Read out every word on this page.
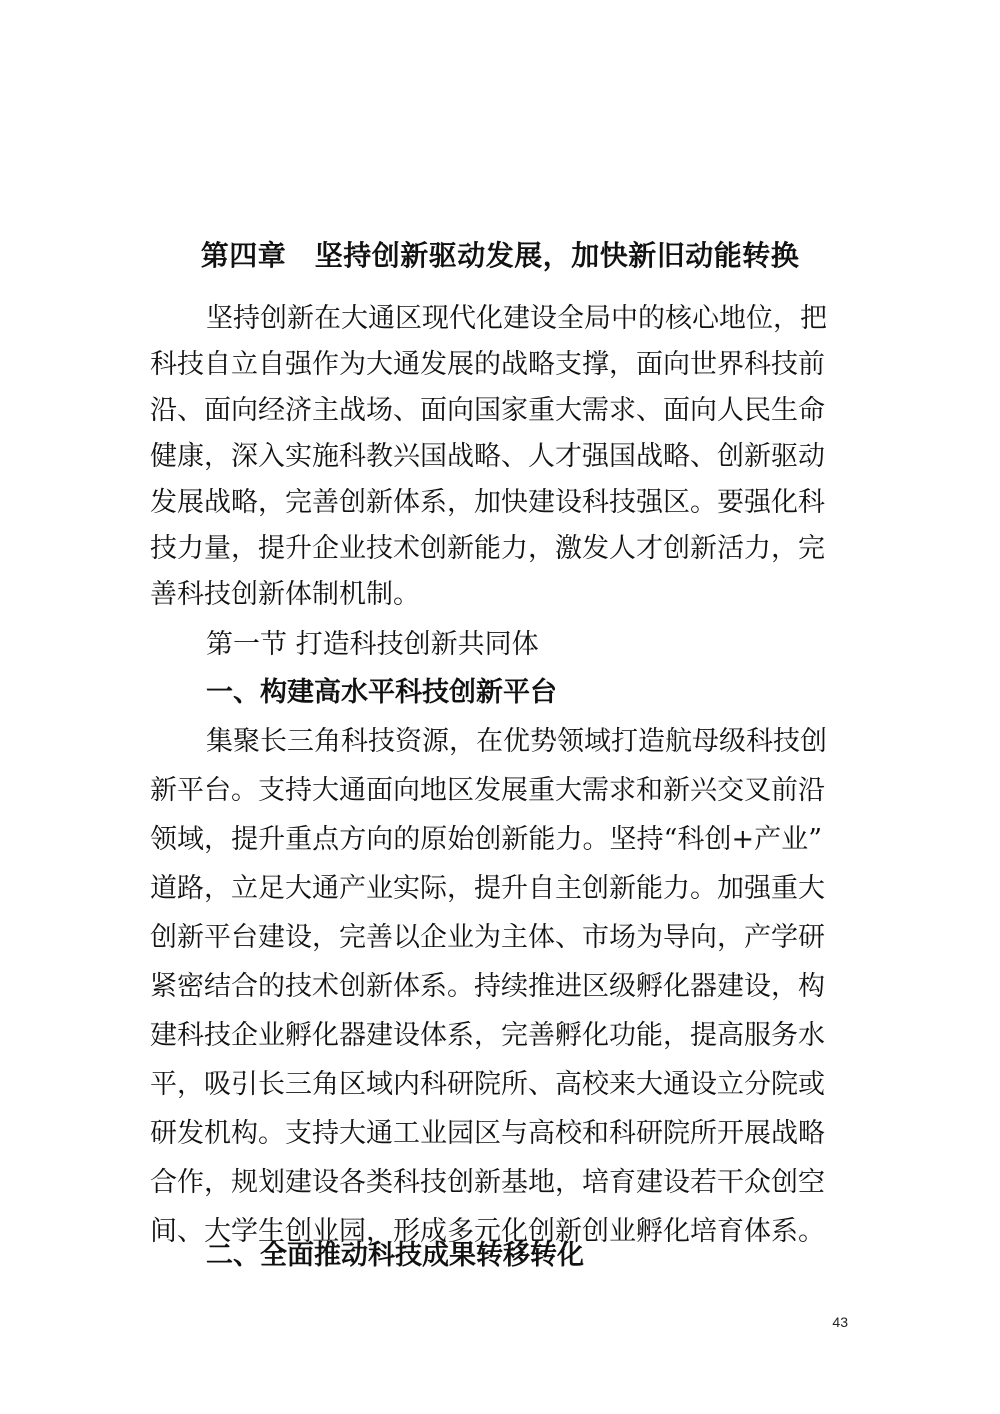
第四章　坚持创新驱动发展，加快新旧动能转换
坚持创新在大通区现代化建设全局中的核心地位，把
科技自立自强作为大通发展的战略支撑，面向世界科技前
沿、面向经济主战场、面向国家重大需求、面向人民生命
健康，深入实施科教兴国战略、人才强国战略、创新驱动
发展战略，完善创新体系，加快建设科技强区。要强化科
技力量，提升企业技术创新能力，激发人才创新活力，完
善科技创新体制机制。
第一节 打造科技创新共同体
一、构建高水平科技创新平台
集聚长三角科技资源，在优势领域打造航母级科技创
新平台。支持大通面向地区发展重大需求和新兴交叉前沿
领域，提升重点方向的原始创新能力。坚持“科创+产业”
道路，立足大通产业实际，提升自主创新能力。加强重大
创新平台建设，完善以企业为主体、市场为导向，产学研
紧密结合的技术创新体系。持续推进区级孵化器建设，构
建科技企业孵化器建设体系，完善孵化功能，提高服务水
平，吸引长三角区域内科研院所、高校来大通设立分院或
研发机构。支持大通工业园区与高校和科研院所开展战略
合作，规划建设各类科技创新基地，培育建设若干众创空
间、大学生创业园，形成多元化创新创业孵化培育体系。
二、全面推动科技成果转移转化
43
